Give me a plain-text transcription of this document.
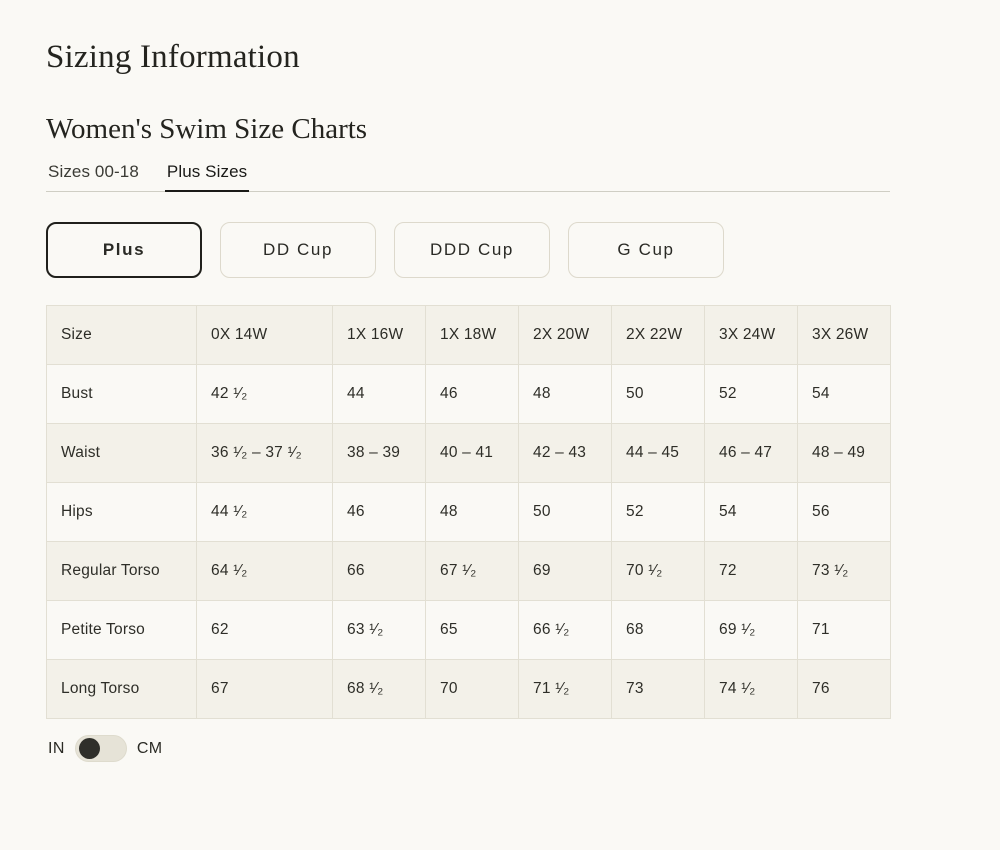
Sizing Information
Women's Swim Size Charts
Sizes 00-18 Plus Sizes
Plus	DD Cup	DDD Cup	G Cup
Size	0X 14W	1X 16W	1X 18W	2X 20W	2X 22W	3X 24W	3X 26W
Bust	42 ¹⁄₂	44	46	48	50	52	54
Waist	36 ¹⁄₂ – 37 ¹⁄₂	38 – 39	40 – 41	42 – 43	44 – 45	46 – 47	48 – 49
Hips	44 ¹⁄₂	46	48	50	52	54	56
Regular Torso	64 ¹⁄₂	66	67 ¹⁄₂	69	70 ¹⁄₂	72	73 ¹⁄₂
Petite Torso	62	63 ¹⁄₂	65	66 ¹⁄₂	68	69 ¹⁄₂	71
Long Torso	67	68 ¹⁄₂	70	71 ¹⁄₂	73	74 ¹⁄₂	76
IN	CM
